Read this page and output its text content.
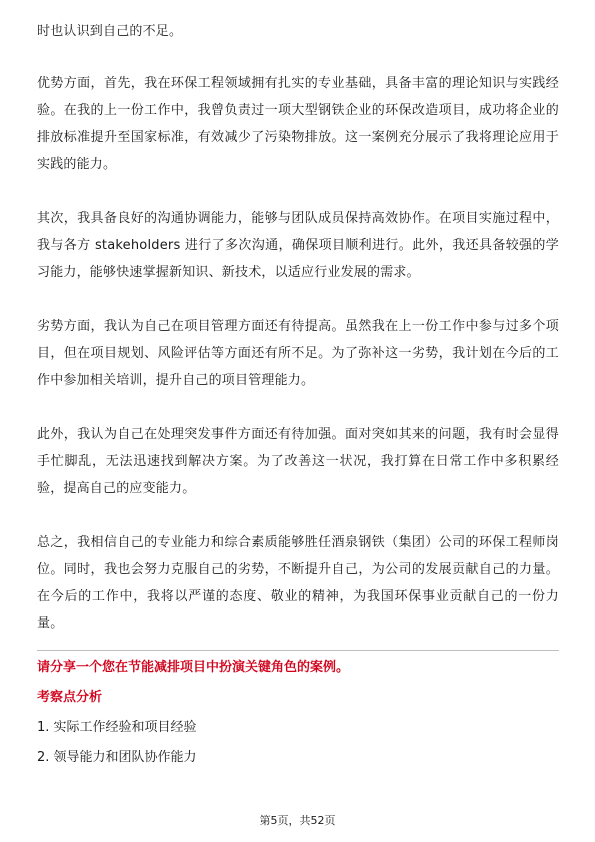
时也认识到自己的不足。

优势方面，首先，我在环保工程领域拥有扎实的专业基础，具备丰富的理论知识与实践经验。在我的上一份工作中，我曾负责过一项大型钢铁企业的环保改造项目，成功将企业的排放标准提升至国家标准，有效减少了污染物排放。这一案例充分展示了我将理论应用于实践的能力。

其次，我具备良好的沟通协调能力，能够与团队成员保持高效协作。在项目实施过程中，我与各方 stakeholders 进行了多次沟通，确保项目顺利进行。此外，我还具备较强的学习能力，能够快速掌握新知识、新技术，以适应行业发展的需求。

劣势方面，我认为自己在项目管理方面还有待提高。虽然我在上一份工作中参与过多个项目，但在项目规划、风险评估等方面还有所不足。为了弥补这一劣势，我计划在今后的工作中参加相关培训，提升自己的项目管理能力。

此外，我认为自己在处理突发事件方面还有待加强。面对突如其来的问题，我有时会显得手忙脚乱，无法迅速找到解决方案。为了改善这一状况，我打算在日常工作中多积累经验，提高自己的应变能力。

总之，我相信自己的专业能力和综合素质能够胜任酒泉钢铁（集团）公司的环保工程师岗位。同时，我也会努力克服自己的劣势，不断提升自己，为公司的发展贡献自己的力量。在今后的工作中，我将以严谨的态度、敬业的精神，为我国环保事业贡献自己的一份力量。

请分享一个您在节能减排项目中扮演关键角色的案例。

考察点分析

1. 实际工作经验和项目经验

2. 领导能力和团队协作能力

第5页，共52页
